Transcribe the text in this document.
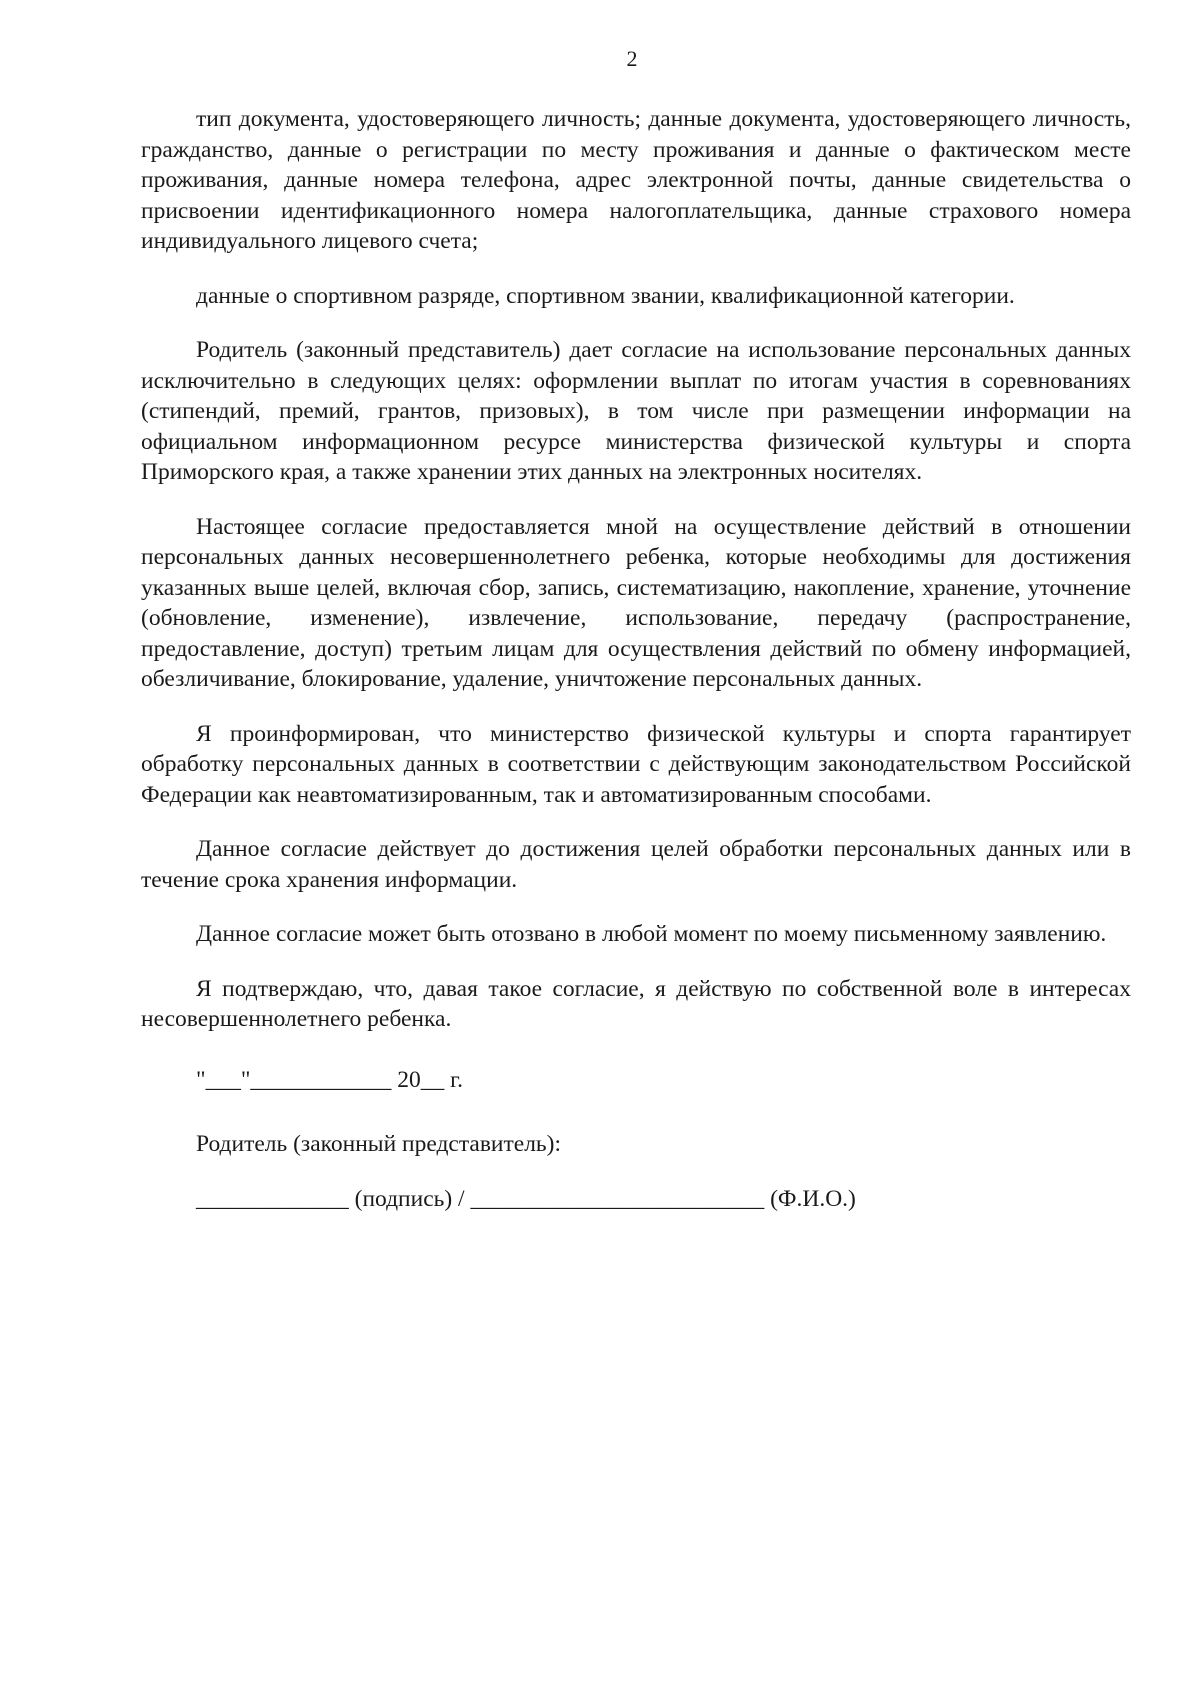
2

тип документа, удостоверяющего личность; данные документа, удостоверяющего личность, гражданство, данные о регистрации по месту проживания и данные о фактическом месте проживания, данные номера телефона, адрес электронной почты, данные свидетельства о присвоении идентификационного номера налогоплательщика, данные страхового номера индивидуального лицевого счета;

данные о спортивном разряде, спортивном звании, квалификационной категории.

Родитель (законный представитель) дает согласие на использование персональных данных исключительно в следующих целях: оформлении выплат по итогам участия в соревнованиях (стипендий, премий, грантов, призовых), в том числе при размещении информации на официальном информационном ресурсе министерства физической культуры и спорта Приморского края, а также хранении этих данных на электронных носителях.

Настоящее согласие предоставляется мной на осуществление действий в отношении персональных данных несовершеннолетнего ребенка, которые необходимы для достижения указанных выше целей, включая сбор, запись, систематизацию, накопление, хранение, уточнение (обновление, изменение), извлечение, использование, передачу (распространение, предоставление, доступ) третьим лицам для осуществления действий по обмену информацией, обезличивание, блокирование, удаление, уничтожение персональных данных.

Я проинформирован, что министерство физической культуры и спорта гарантирует обработку персональных данных в соответствии с действующим законодательством Российской Федерации как неавтоматизированным, так и автоматизированным способами.

Данное согласие действует до достижения целей обработки персональных данных или в течение срока хранения информации.

Данное согласие может быть отозвано в любой момент по моему письменному заявлению.

Я подтверждаю, что, давая такое согласие, я действую по собственной воле в интересах несовершеннолетнего ребенка.

"___"____________ 20__ г.
Родитель (законный представитель):
_____________ (подпись) / _________________________ (Ф.И.О.)
